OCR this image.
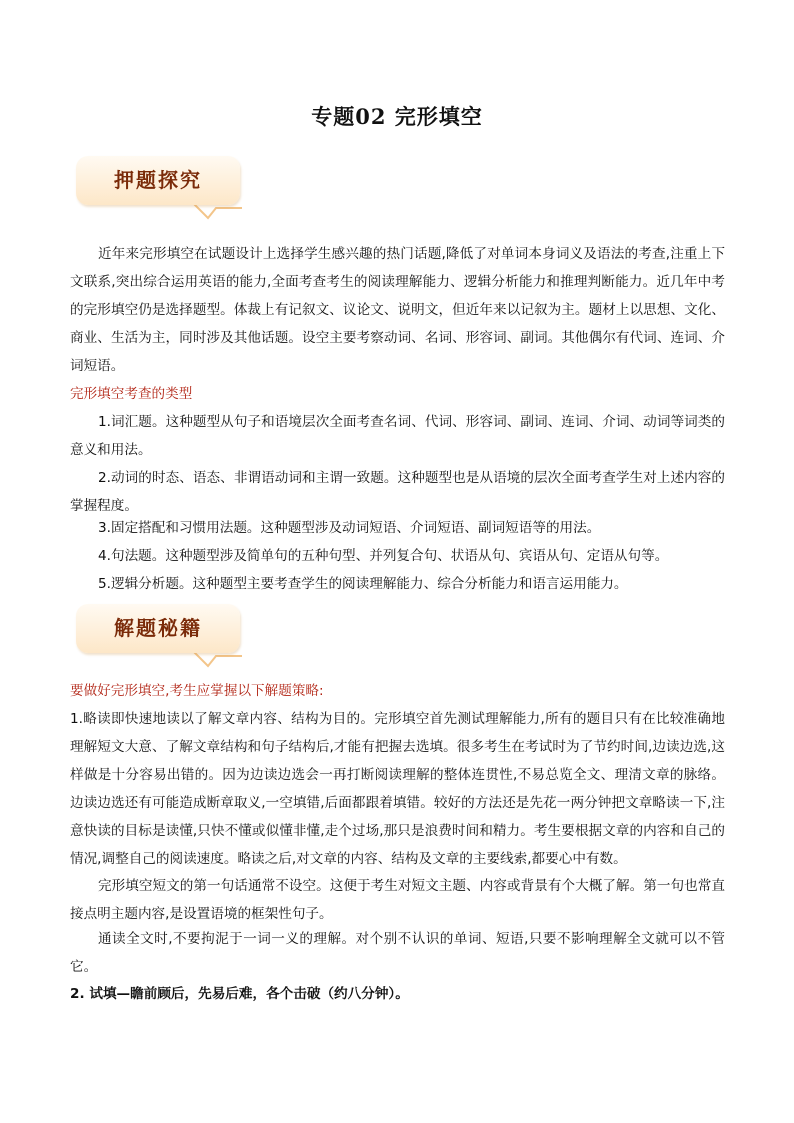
专题02 完形填空
押题探究
近年来完形填空在试题设计上选择学生感兴趣的热门话题,降低了对单词本身词义及语法的考查,注重上下文联系,突出综合运用英语的能力,全面考查考生的阅读理解能力、逻辑分析能力和推理判断能力。近几年中考的完形填空仍是选择题型。体裁上有记叙文、议论文、说明文，但近年来以记叙为主。题材上以思想、文化、商业、生活为主，同时涉及其他话题。设空主要考察动词、名词、形容词、副词。其他偶尔有代词、连词、介词短语。
完形填空考查的类型
1.词汇题。这种题型从句子和语境层次全面考查名词、代词、形容词、副词、连词、介词、动词等词类的意义和用法。
2.动词的时态、语态、非谓语动词和主谓一致题。这种题型也是从语境的层次全面考查学生对上述内容的掌握程度。
3.固定搭配和习惯用法题。这种题型涉及动词短语、介词短语、副词短语等的用法。
4.句法题。这种题型涉及简单句的五种句型、并列复合句、状语从句、宾语从句、定语从句等。
5.逻辑分析题。这种题型主要考查学生的阅读理解能力、综合分析能力和语言运用能力。
解题秘籍
要做好完形填空,考生应掌握以下解题策略:
1.略读即快速地读以了解文章内容、结构为目的。完形填空首先测试理解能力,所有的题目只有在比较准确地理解短文大意、了解文章结构和句子结构后,才能有把握去选填。很多考生在考试时为了节约时间,边读边选,这样做是十分容易出错的。因为边读边选会一再打断阅读理解的整体连贯性,不易总览全文、理清文章的脉络。边读边选还有可能造成断章取义,一空填错,后面都跟着填错。较好的方法还是先花一两分钟把文章略读一下,注意快读的目标是读懂,只快不懂或似懂非懂,走个过场,那只是浪费时间和精力。考生要根据文章的内容和自己的情况,调整自己的阅读速度。略读之后,对文章的内容、结构及文章的主要线索,都要心中有数。
完形填空短文的第一句话通常不设空。这便于考生对短文主题、内容或背景有个大概了解。第一句也常直接点明主题内容,是设置语境的框架性句子。
通读全文时,不要拘泥于一词一义的理解。对个别不认识的单词、短语,只要不影响理解全文就可以不管它。
2. 试填—瞻前顾后，先易后难，各个击破（约八分钟）。
